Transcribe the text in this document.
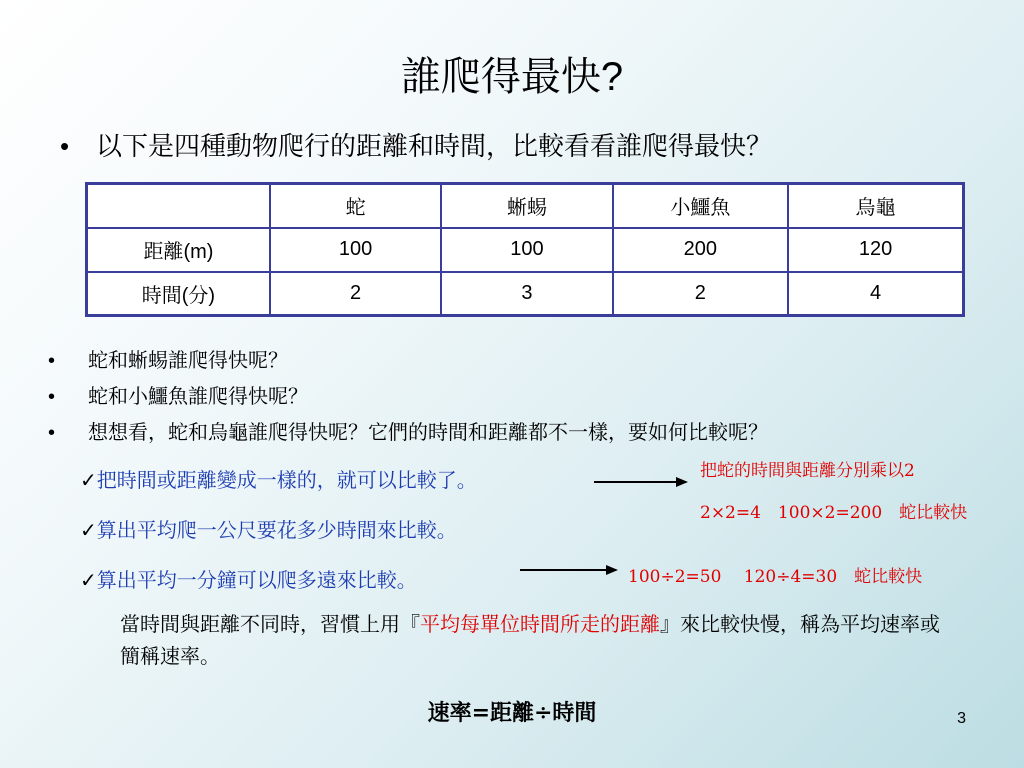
誰爬得最快?
• 以下是四種動物爬行的距離和時間，比較看看誰爬得最快？
	蛇	蜥蜴	小鱷魚	烏龜
距離(m)	100	100	200	120
時間(分)	2	3	2	4
• 蛇和蜥蜴誰爬得快呢？
• 蛇和小鱷魚誰爬得快呢？
• 想想看，蛇和烏龜誰爬得快呢？它們的時間和距離都不一樣，要如何比較呢？
✓把時間或距離變成一樣的，就可以比較了。
✓算出平均爬一公尺要花多少時間來比較。
✓算出平均一分鐘可以爬多遠來比較。
把蛇的時間與距離分別乘以2
2×2=4　100×2=200　蛇比較快
100÷2=50　 120÷4=30　蛇比較快
當時間與距離不同時，習慣上用『平均每單位時間所走的距離』來比較快慢，稱為平均速率或簡稱速率。
速率=距離÷時間	3
